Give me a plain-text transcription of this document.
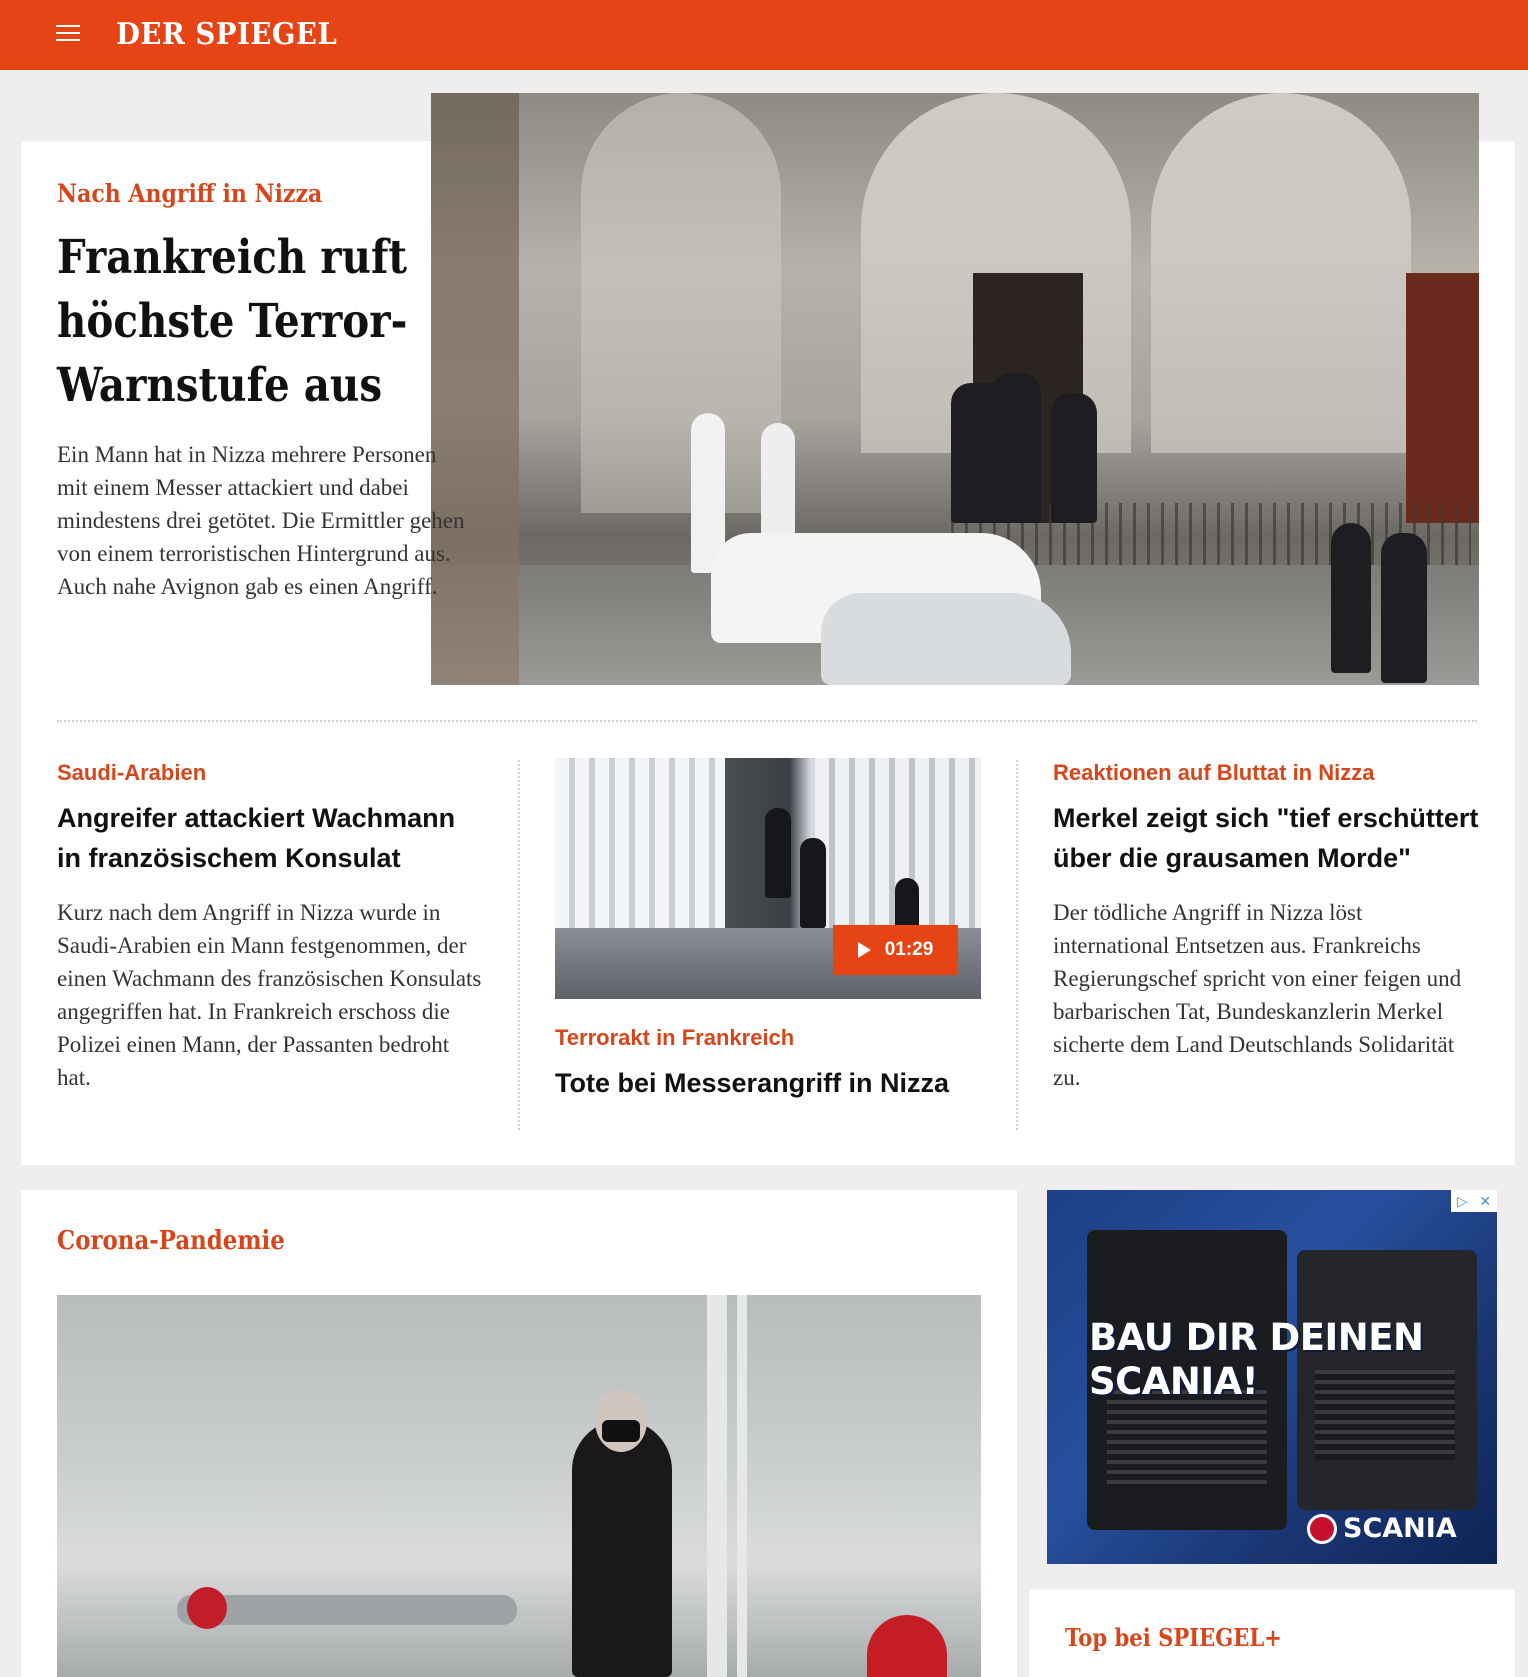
DER SPIEGEL
Nach Angriff in Nizza
Frankreich ruft höchste Terror-Warnstufe aus
Ein Mann hat in Nizza mehrere Personen mit einem Messer attackiert und dabei mindestens drei getötet. Die Ermittler gehen von einem terroristischen Hintergrund aus. Auch nahe Avignon gab es einen Angriff.
Saudi-Arabien
Angreifer attackiert Wachmann in französischem Konsulat
Kurz nach dem Angriff in Nizza wurde in Saudi-Arabien ein Mann festgenommen, der einen Wachmann des französischen Konsulats angegriffen hat. In Frankreich erschoss die Polizei einen Mann, der Passanten bedroht hat.
01:29
Terrorakt in Frankreich
Tote bei Messerangriff in Nizza
Reaktionen auf Bluttat in Nizza
Merkel zeigt sich "tief erschüttert über die grausamen Morde"
Der tödliche Angriff in Nizza löst international Entsetzen aus. Frankreichs Regierungschef spricht von einer feigen und barbarischen Tat, Bundeskanzlerin Merkel sicherte dem Land Deutschlands Solidarität zu.
Corona-Pandemie
BAU DIR DEINEN
SCANIA!
SCANIA
▷ ✕
Top bei SPIEGEL+
